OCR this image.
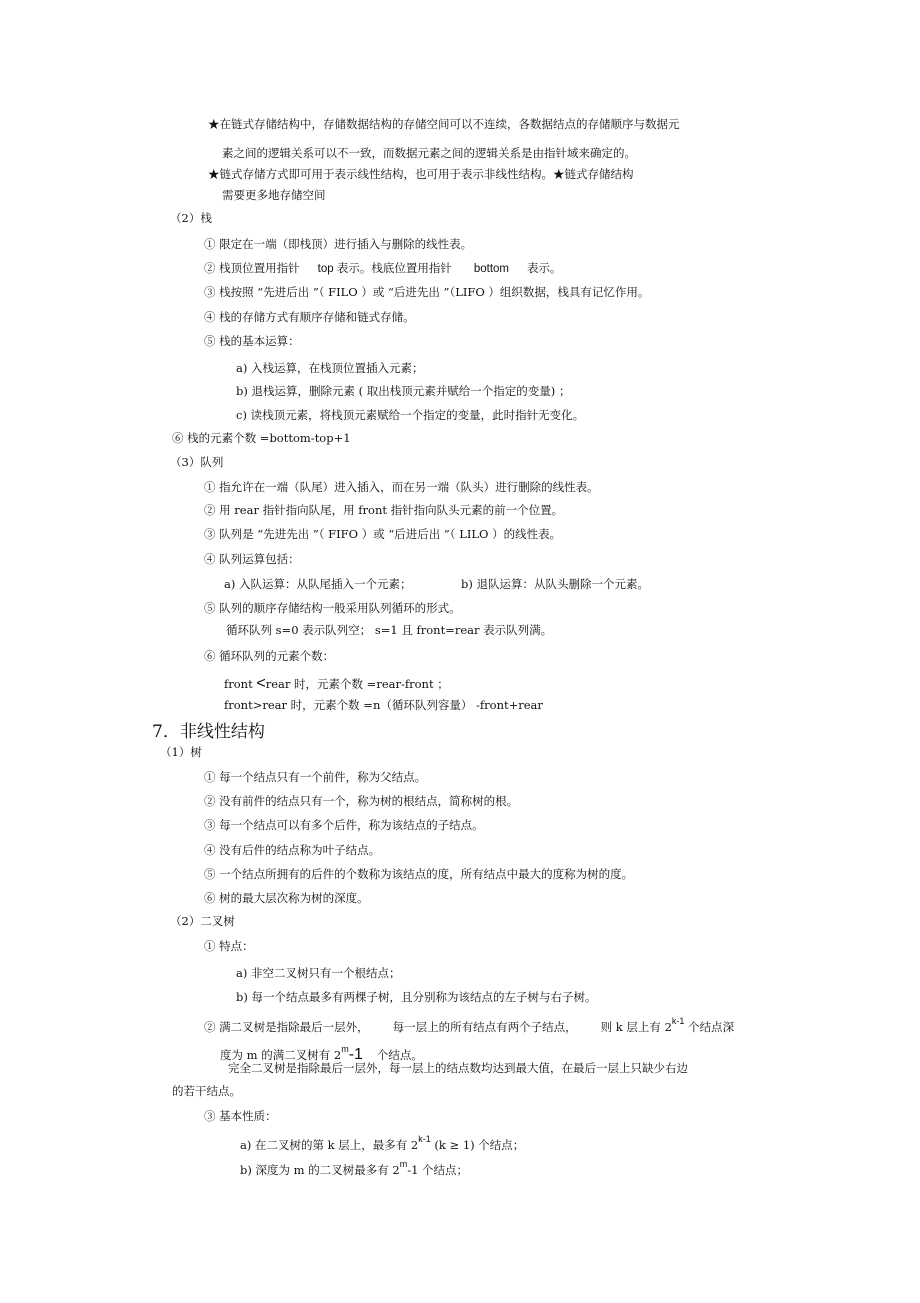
★在链式存储结构中，存储数据结构的存储空间可以不连续，各数据结点的存储顺序与数据元
素之间的逻辑关系可以不一致，而数据元素之间的逻辑关系是由指针域来确定的。
★链式存储方式即可用于表示线性结构，也可用于表示非线性结构。★链式存储结构
需要更多地存储空间
（2）栈
① 限定在一端（即栈顶）进行插入与删除的线性表。
② 栈顶位置用指针 top 表示。栈底位置用指针 bottom 表示。
③ 栈按照 “先进后出 ”（ FILO ）或 “后进先出 ”（LIFO ）组织数据，栈具有记忆作用。
④ 栈的存储方式有顺序存储和链式存储。
⑤ 栈的基本运算：
a) 入栈运算，在栈顶位置插入元素；
b) 退栈运算，删除元素 ( 取出栈顶元素并赋给一个指定的变量) ；
c) 读栈顶元素，将栈顶元素赋给一个指定的变量，此时指针无变化。
⑥ 栈的元素个数 =bottom-top+1
（3）队列
① 指允许在一端（队尾）进入插入，而在另一端（队头）进行删除的线性表。
② 用 rear 指针指向队尾，用 front 指针指向队头元素的前一个位置。
③ 队列是 “先进先出 ”（ FIFO ）或 “后进后出 ”（ LILO ）的线性表。
④ 队列运算包括：
a) 入队运算：从队尾插入一个元素；	b) 退队运算：从队头删除一个元素。
⑤ 队列的顺序存储结构一般采用队列循环的形式。
循环队列 s=0 表示队列空； s=1 且 front=rear 表示队列满。
⑥ 循环队列的元素个数：
front <rear 时，元素个数 =rear-front ；
front>rear 时，元素个数 =n（循环队列容量） -front+rear
7．非线性结构
（1）树
① 每一个结点只有一个前件，称为父结点。
② 没有前件的结点只有一个，称为树的根结点，简称树的根。
③ 每一个结点可以有多个后件，称为该结点的子结点。
④ 没有后件的结点称为叶子结点。
⑤ 一个结点所拥有的后件的个数称为该结点的度，所有结点中最大的度称为树的度。
⑥ 树的最大层次称为树的深度。
（2）二叉树
① 特点：
a) 非空二叉树只有一个根结点；
b) 每一个结点最多有两棵子树，且分别称为该结点的左子树与右子树。
② 满二叉树是指除最后一层外， 每一层上的所有结点有两个子结点， 则 k 层上有 2$^{k-1}$ 个结点深
度为 m 的满二叉树有 2$^m$-1 个结点。
完全二叉树是指除最后一层外，每一层上的结点数均达到最大值，在最后一层上只缺少右边
的若干结点。
③ 基本性质：
a) 在二叉树的第 k 层上，最多有 2$^{k-1}$ (k ≥ 1) 个结点；
b) 深度为 m 的二叉树最多有 2$^m$-1 个结点；
